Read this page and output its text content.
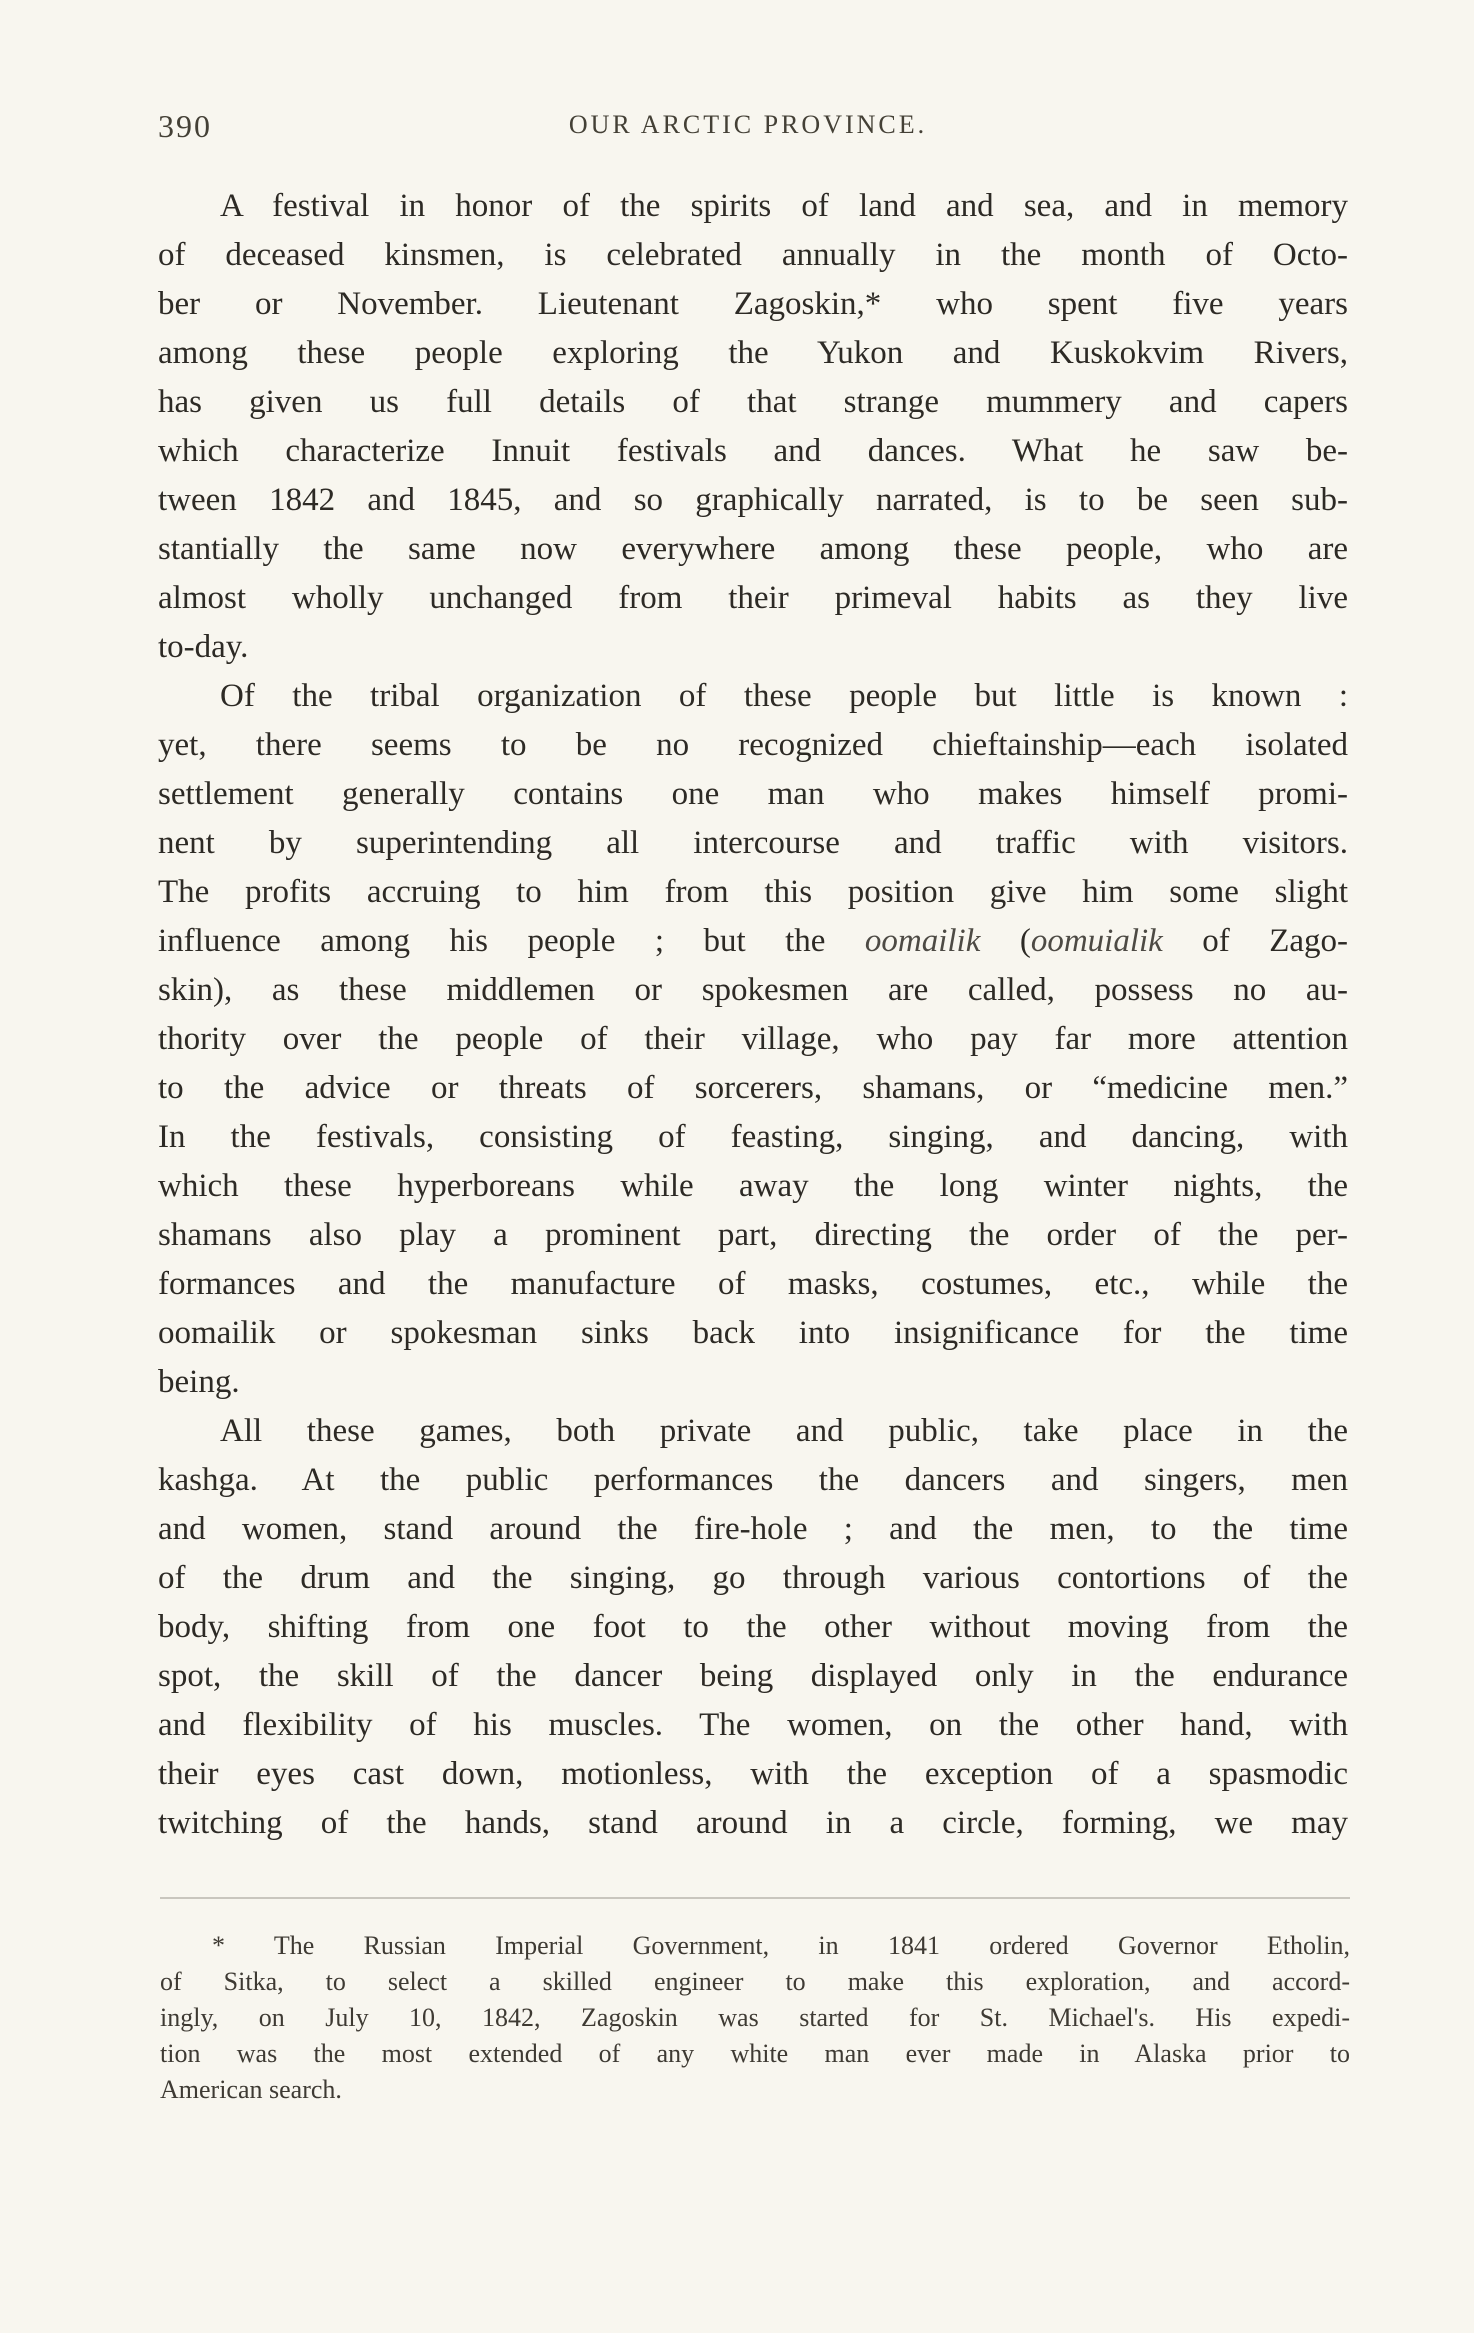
390	OUR ARCTIC PROVINCE.
A festival in honor of the spirits of land and sea, and in memory
of deceased kinsmen, is celebrated annually in the month of Octo-
ber or November. Lieutenant Zagoskin,* who spent five years
among these people exploring the Yukon and Kuskokvim Rivers,
has given us full details of that strange mummery and capers
which characterize Innuit festivals and dances. What he saw be-
tween 1842 and 1845, and so graphically narrated, is to be seen sub-
stantially the same now everywhere among these people, who are
almost wholly unchanged from their primeval habits as they live
to-day.
Of the tribal organization of these people but little is known :
yet, there seems to be no recognized chieftainship—each isolated
settlement generally contains one man who makes himself promi-
nent by superintending all intercourse and traffic with visitors.
The profits accruing to him from this position give him some slight
influence among his people ; but the oomailik (oomuialik of Zago-
skin), as these middlemen or spokesmen are called, possess no au-
thority over the people of their village, who pay far more attention
to the advice or threats of sorcerers, shamans, or “medicine men.”
In the festivals, consisting of feasting, singing, and dancing, with
which these hyperboreans while away the long winter nights, the
shamans also play a prominent part, directing the order of the per-
formances and the manufacture of masks, costumes, etc., while the
oomailik or spokesman sinks back into insignificance for the time
being.
All these games, both private and public, take place in the
kashga. At the public performances the dancers and singers, men
and women, stand around the fire-hole ; and the men, to the time
of the drum and the singing, go through various contortions of the
body, shifting from one foot to the other without moving from the
spot, the skill of the dancer being displayed only in the endurance
and flexibility of his muscles. The women, on the other hand, with
their eyes cast down, motionless, with the exception of a spasmodic
twitching of the hands, stand around in a circle, forming, we may
* The Russian Imperial Government, in 1841 ordered Governor Etholin,
of Sitka, to select a skilled engineer to make this exploration, and accord-
ingly, on July 10, 1842, Zagoskin was started for St. Michael's. His expedi-
tion was the most extended of any white man ever made in Alaska prior to
American search.
